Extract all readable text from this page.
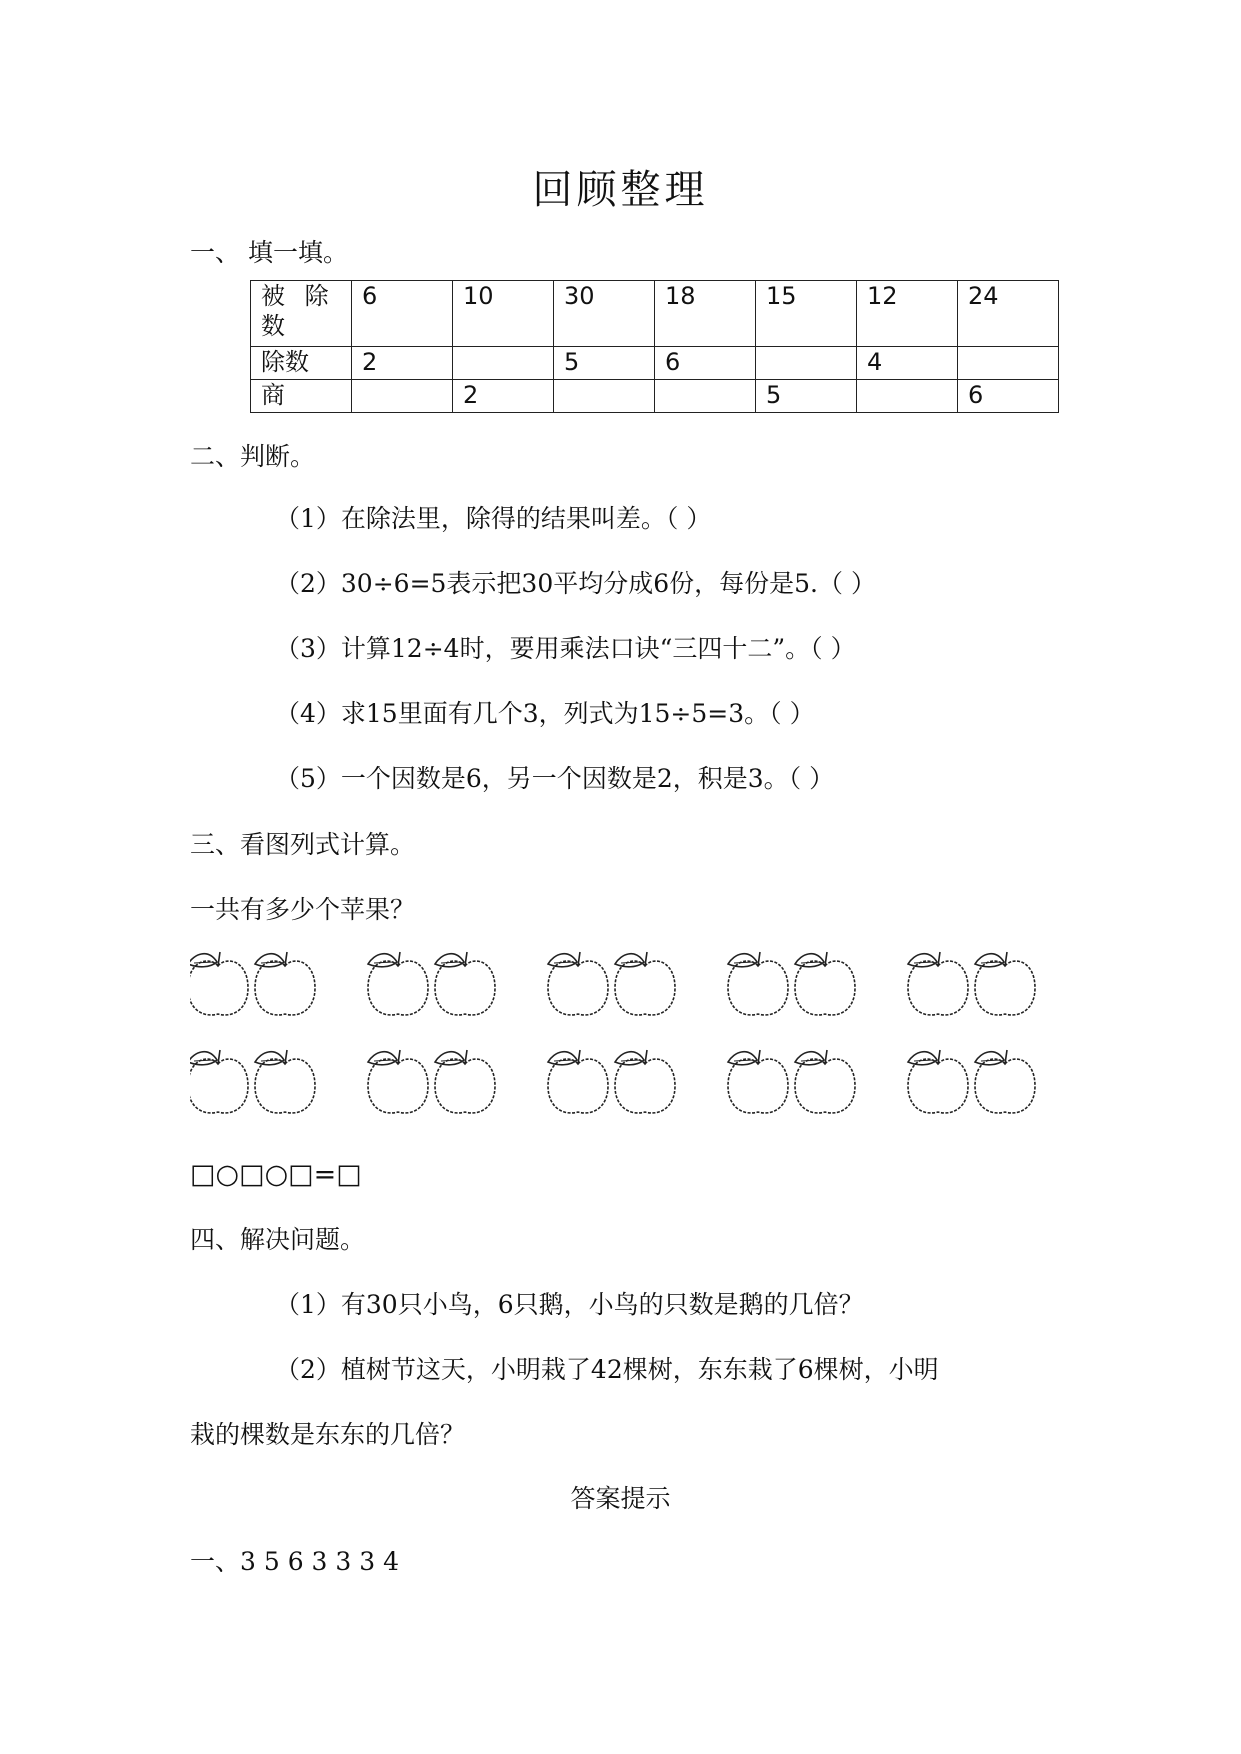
回顾整理
一、 填一填。
被 除 数	6	10	30	18	15	12	24
除数	2		5	6		4	
商		2			5		6
二、判断。
（1）在除法里，除得的结果叫差。（ ）
（2）30÷6=5表示把30平均分成6份，每份是5.（ ）
（3）计算12÷4时，要用乘法口诀“三四十二”。（ ）
（4）求15里面有几个3，列式为15÷5=3。（ ）
（5）一个因数是6，另一个因数是2，积是3。（ ）
三、看图列式计算。
一共有多少个苹果？
□○□○□=□
四、解决问题。
（1）有30只小鸟，6只鹅，小鸟的只数是鹅的几倍？
（2）植树节这天，小明栽了42棵树，东东栽了6棵树，小明
栽的棵数是东东的几倍？
答案提示
一、3 5 6 3 3 3 4
